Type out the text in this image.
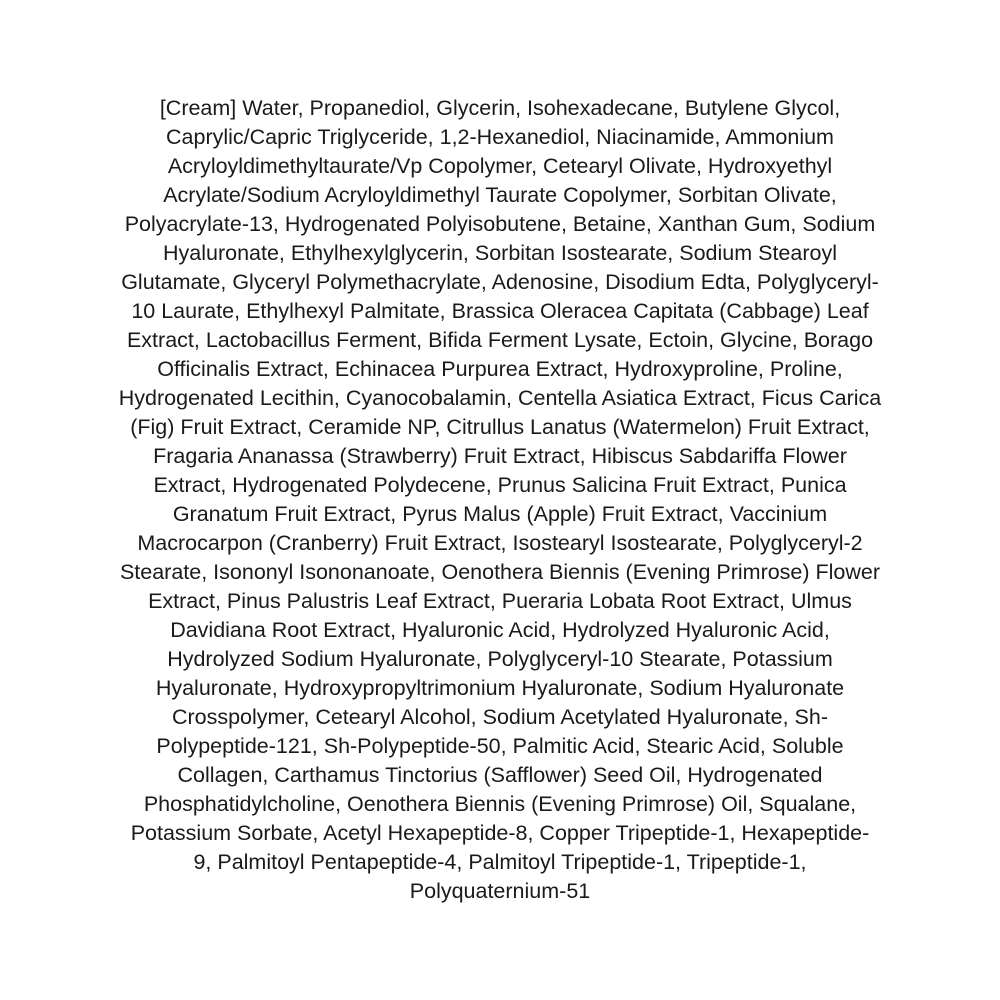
[Cream] Water, Propanediol, Glycerin, Isohexadecane, Butylene Glycol,
Caprylic/Capric Triglyceride, 1,2-Hexanediol, Niacinamide, Ammonium
Acryloyldimethyltaurate/Vp Copolymer, Cetearyl Olivate, Hydroxyethyl
Acrylate/Sodium Acryloyldimethyl Taurate Copolymer, Sorbitan Olivate,
Polyacrylate-13, Hydrogenated Polyisobutene, Betaine, Xanthan Gum, Sodium
Hyaluronate, Ethylhexylglycerin, Sorbitan Isostearate, Sodium Stearoyl
Glutamate, Glyceryl Polymethacrylate, Adenosine, Disodium Edta, Polyglyceryl-
10 Laurate, Ethylhexyl Palmitate, Brassica Oleracea Capitata (Cabbage) Leaf
Extract, Lactobacillus Ferment, Bifida Ferment Lysate, Ectoin, Glycine, Borago
Officinalis Extract, Echinacea Purpurea Extract, Hydroxyproline, Proline,
Hydrogenated Lecithin, Cyanocobalamin, Centella Asiatica Extract, Ficus Carica
(Fig) Fruit Extract, Ceramide NP, Citrullus Lanatus (Watermelon) Fruit Extract,
Fragaria Ananassa (Strawberry) Fruit Extract, Hibiscus Sabdariffa Flower
Extract, Hydrogenated Polydecene, Prunus Salicina Fruit Extract, Punica
Granatum Fruit Extract, Pyrus Malus (Apple) Fruit Extract, Vaccinium
Macrocarpon (Cranberry) Fruit Extract, Isostearyl Isostearate, Polyglyceryl-2
Stearate, Isononyl Isononanoate, Oenothera Biennis (Evening Primrose) Flower
Extract, Pinus Palustris Leaf Extract, Pueraria Lobata Root Extract, Ulmus
Davidiana Root Extract, Hyaluronic Acid, Hydrolyzed Hyaluronic Acid,
Hydrolyzed Sodium Hyaluronate, Polyglyceryl-10 Stearate, Potassium
Hyaluronate, Hydroxypropyltrimonium Hyaluronate, Sodium Hyaluronate
Crosspolymer, Cetearyl Alcohol, Sodium Acetylated Hyaluronate, Sh-
Polypeptide-121, Sh-Polypeptide-50, Palmitic Acid, Stearic Acid, Soluble
Collagen, Carthamus Tinctorius (Safflower) Seed Oil, Hydrogenated
Phosphatidylcholine, Oenothera Biennis (Evening Primrose) Oil, Squalane,
Potassium Sorbate, Acetyl Hexapeptide-8, Copper Tripeptide-1, Hexapeptide-
9, Palmitoyl Pentapeptide-4, Palmitoyl Tripeptide-1, Tripeptide-1,
Polyquaternium-51
